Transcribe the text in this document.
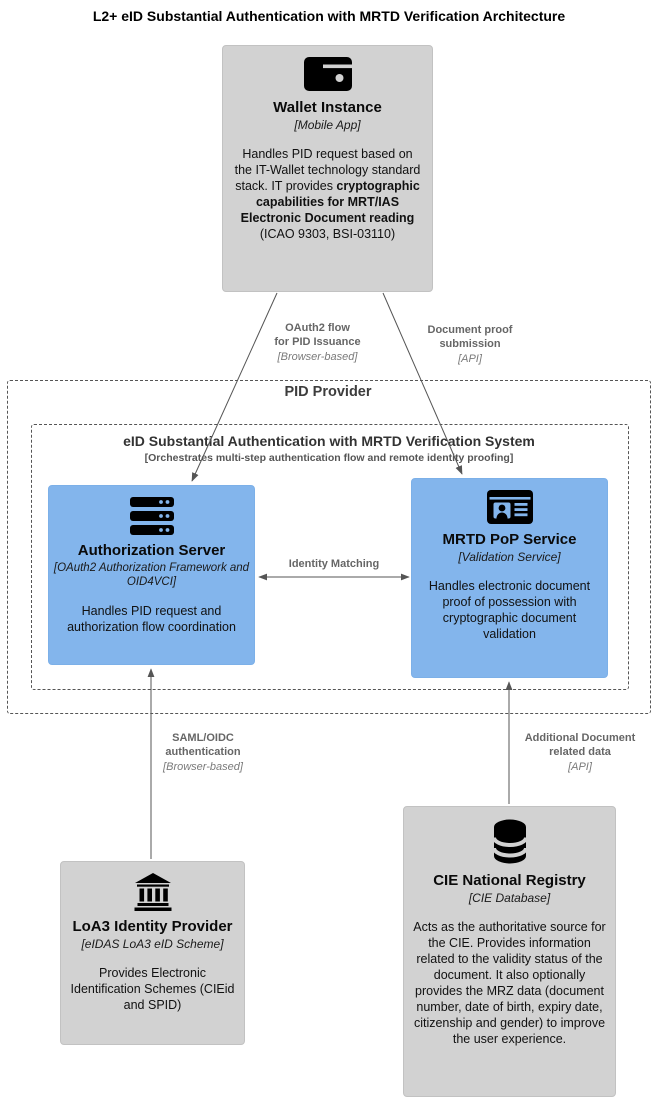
L2+ eID Substantial Authentication with MRTD Verification Architecture
PID Provider
eID Substantial Authentication with MRTD Verification System
[Orchestrates multi-step authentication flow and remote identity proofing]
Wallet Instance
[Mobile App]
Handles PID request based on the IT-Wallet technology standard stack. IT provides cryptographic capabilities for MRT/IAS Electronic Document reading (ICAO 9303, BSI-03110)
Authorization Server
[OAuth2 Authorization Framework and OID4VCI]
Handles PID request and authorization flow coordination
MRTD PoP Service
[Validation Service]
Handles electronic document proof of possession with cryptographic document validation
LoA3 Identity Provider
[eIDAS LoA3 eID Scheme]
Provides Electronic Identification Schemes (CIEid and SPID)
CIE National Registry
[CIE Database]
Acts as the authoritative source for the CIE. Provides information related to the validity status of the document. It also optionally provides the MRZ data (document number, date of birth, expiry date, citizenship and gender) to improve the user experience.
OAuth2 flow
for PID Issuance
[Browser-based]
Document proof
submission
[API]
Identity Matching
SAML/OIDC
authentication
[Browser-based]
Additional Document
related data
[API]
